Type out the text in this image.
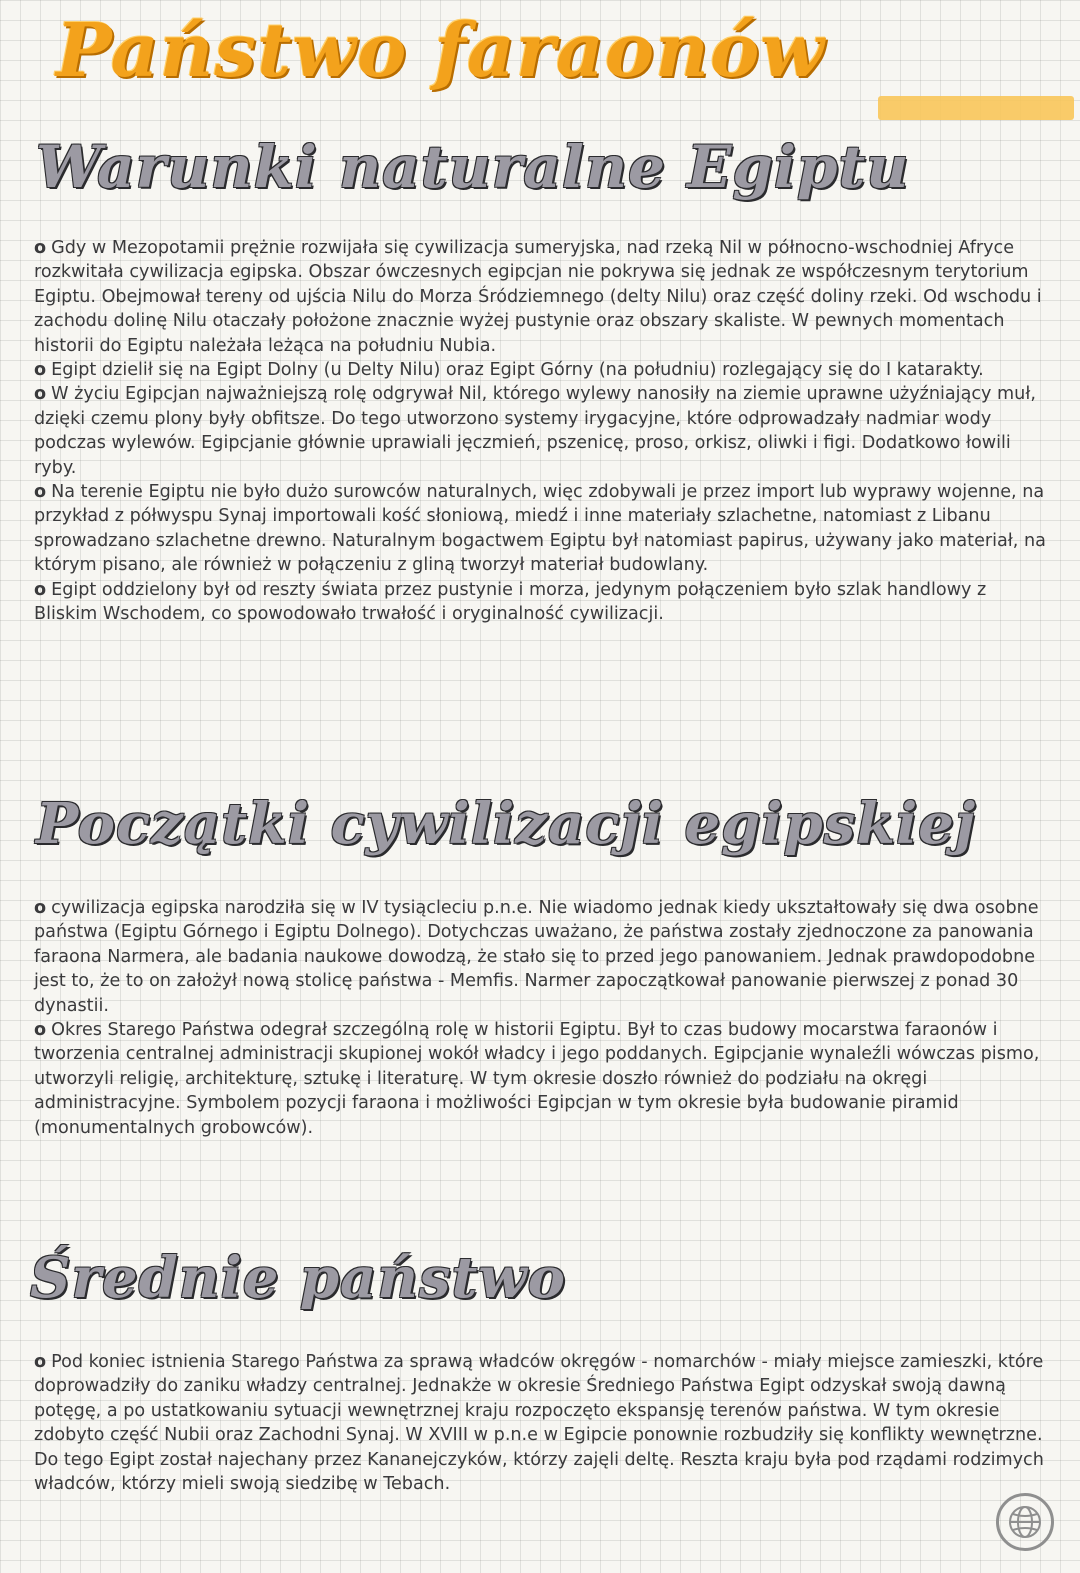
Państwo faraonów
Warunki naturalne Egiptu
o Gdy w Mezopotamii prężnie rozwijała się cywilizacja sumeryjska, nad rzeką Nil w północno-wschodniej Afryce rozkwitała cywilizacja egipska. Obszar ówczesnych egipcjan nie pokrywa się jednak ze współczesnym terytorium Egiptu. Obejmował tereny od ujścia Nilu do Morza Śródziemnego (delty Nilu) oraz część doliny rzeki. Od wschodu i zachodu dolinę Nilu otaczały położone znacznie wyżej pustynie oraz obszary skaliste. W pewnych momentach historii do Egiptu należała leżąca na południu Nubia.
o Egipt dzielił się na Egipt Dolny (u Delty Nilu) oraz Egipt Górny (na południu) rozlegający się do I katarakty.
o W życiu Egipcjan najważniejszą rolę odgrywał Nil, którego wylewy nanosiły na ziemie uprawne użyźniający muł, dzięki czemu plony były obfitsze. Do tego utworzono systemy irygacyjne, które odprowadzały nadmiar wody podczas wylewów. Egipcjanie głównie uprawiali jęczmień, pszenicę, proso, orkisz, oliwki i figi. Dodatkowo łowili ryby.
o Na terenie Egiptu nie było dużo surowców naturalnych, więc zdobywali je przez import lub wyprawy wojenne, na przykład z półwyspu Synaj importowali kość słoniową, miedź i inne materiały szlachetne, natomiast z Libanu sprowadzano szlachetne drewno. Naturalnym bogactwem Egiptu był natomiast papirus, używany jako materiał, na którym pisano, ale również w połączeniu z gliną tworzył materiał budowlany.
o Egipt oddzielony był od reszty świata przez pustynie i morza, jedynym połączeniem było szlak handlowy z Bliskim Wschodem, co spowodowało trwałość i oryginalność cywilizacji.
Początki cywilizacji egipskiej
o cywilizacja egipska narodziła się w IV tysiącleciu p.n.e. Nie wiadomo jednak kiedy ukształtowały się dwa osobne państwa (Egiptu Górnego i Egiptu Dolnego). Dotychczas uważano, że państwa zostały zjednoczone za panowania faraona Narmera, ale badania naukowe dowodzą, że stało się to przed jego panowaniem. Jednak prawdopodobne jest to, że to on założył nową stolicę państwa - Memfis. Narmer zapoczątkował panowanie pierwszej z ponad 30 dynastii.
o Okres Starego Państwa odegrał szczególną rolę w historii Egiptu. Był to czas budowy mocarstwa faraonów i tworzenia centralnej administracji skupionej wokół władcy i jego poddanych. Egipcjanie wynaleźli wówczas pismo, utworzyli religię, architekturę, sztukę i literaturę. W tym okresie doszło również do podziału na okręgi administracyjne. Symbolem pozycji faraona i możliwości Egipcjan w tym okresie była budowanie piramid (monumentalnych grobowców).
Średnie państwo
o Pod koniec istnienia Starego Państwa za sprawą władców okręgów - nomarchów - miały miejsce zamieszki, które doprowadziły do zaniku władzy centralnej. Jednakże w okresie Średniego Państwa Egipt odzyskał swoją dawną potęgę, a po ustatkowaniu sytuacji wewnętrznej kraju rozpoczęto ekspansję terenów państwa. W tym okresie zdobyto część Nubii oraz Zachodni Synaj. W XVIII w p.n.e w Egipcie ponownie rozbudziły się konflikty wewnętrzne. Do tego Egipt został najechany przez Kananejczyków, którzy zajęli deltę. Reszta kraju była pod rządami rodzimych władców, którzy mieli swoją siedzibę w Tebach.
